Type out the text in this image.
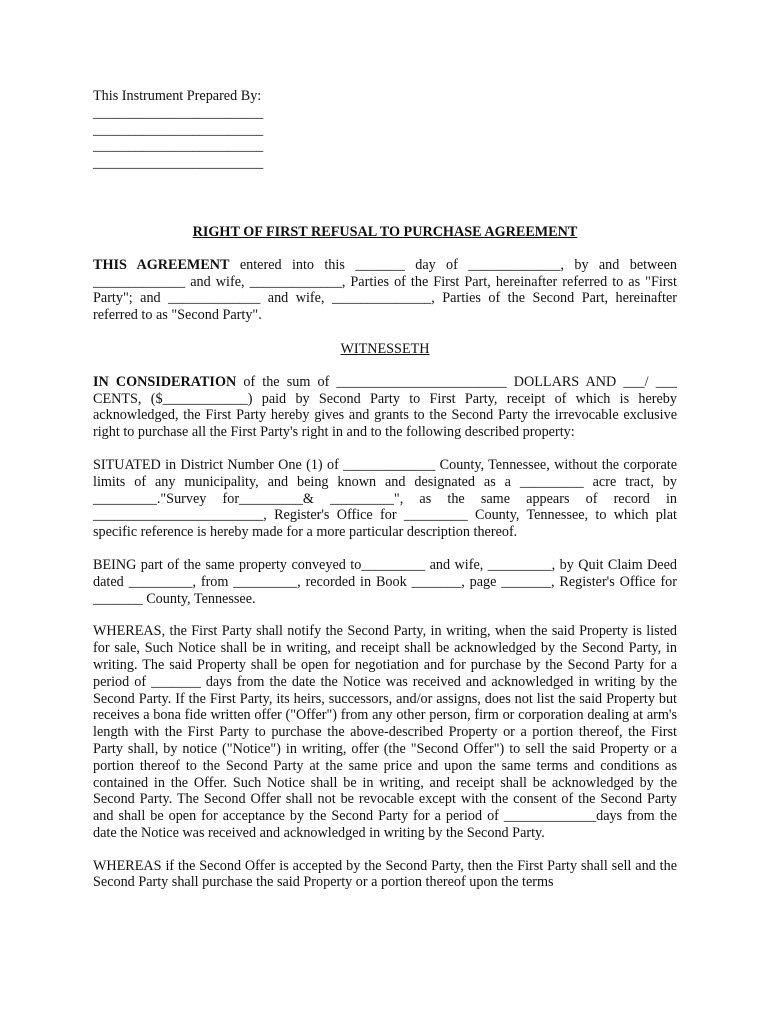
This Instrument Prepared By:
________________________
________________________
________________________
________________________
RIGHT OF FIRST REFUSAL TO PURCHASE AGREEMENT

THIS AGREEMENT entered into this _______ day of _____________, by and between _____________ and wife, _____________, Parties of the First Part, hereinafter referred to as "First Party"; and _____________ and wife, ______________, Parties of the Second Part, hereinafter referred to as "Second Party".

WITNESSETH

IN CONSIDERATION of the sum of ________________________ DOLLARS AND ___/ ___ CENTS, ($____________) paid by Second Party to First Party, receipt of which is hereby acknowledged, the First Party hereby gives and grants to the Second Party the irrevocable exclusive right to purchase all the First Party's right in and to the following described property:

SITUATED in District Number One (1) of _____________ County, Tennessee, without the corporate limits of any municipality, and being known and designated as a _________ acre tract, by _________."Survey for_________& _________", as the same appears of record in ________________________, Register's Office for _________ County, Tennessee, to which plat specific reference is hereby made for a more particular description thereof.

BEING part of the same property conveyed to_________ and wife, _________, by Quit Claim Deed dated _________, from _________, recorded in Book _______, page _______, Register's Office for _______ County, Tennessee.

WHEREAS, the First Party shall notify the Second Party, in writing, when the said Property is listed for sale, Such Notice shall be in writing, and receipt shall be acknowledged by the Second Party, in writing. The said Property shall be open for negotiation and for purchase by the Second Party for a period of _______ days from the date the Notice was received and acknowledged in writing by the Second Party. If the First Party, its heirs, successors, and/or assigns, does not list the said Property but receives a bona fide written offer ("Offer") from any other person, firm or corporation dealing at arm's length with the First Party to purchase the above-described Property or a portion thereof, the First Party shall, by notice ("Notice") in writing, offer (the "Second Offer") to sell the said Property or a portion thereof to the Second Party at the same price and upon the same terms and conditions as contained in the Offer. Such Notice shall be in writing, and receipt shall be acknowledged by the Second Party. The Second Offer shall not be revocable except with the consent of the Second Party and shall be open for acceptance by the Second Party for a period of _____________days from the date the Notice was received and acknowledged in writing by the Second Party.

WHEREAS if the Second Offer is accepted by the Second Party, then the First Party shall sell and the Second Party shall purchase the said Property or a portion thereof upon the terms
